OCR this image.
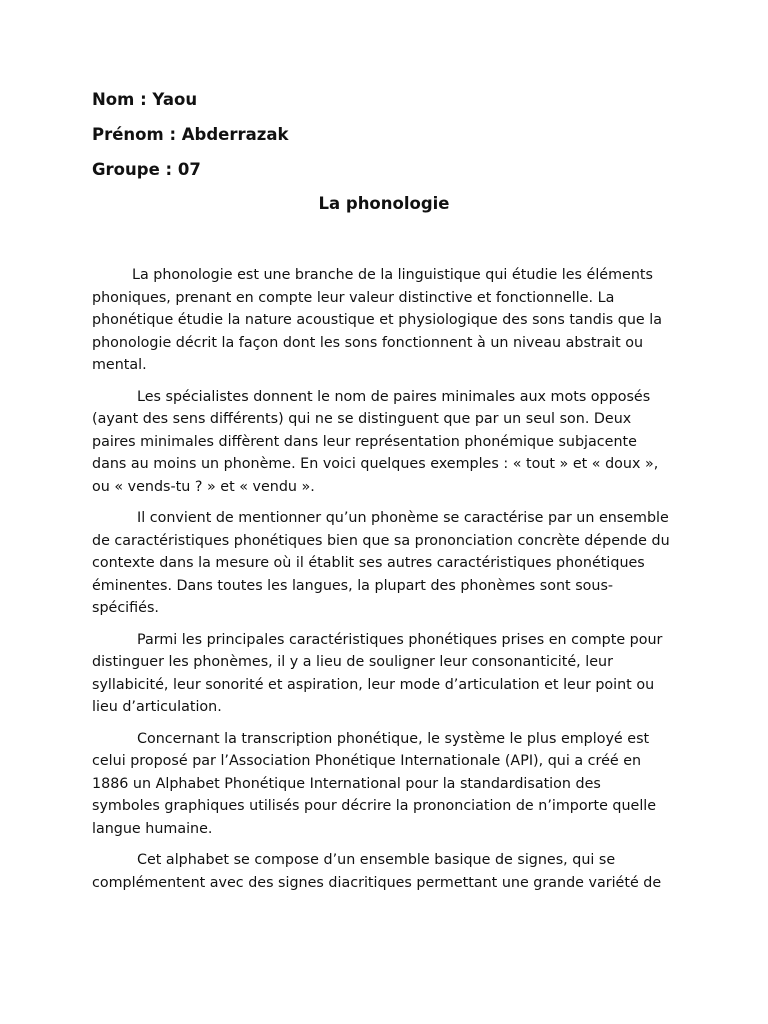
Nom : Yaou
Prénom : Abderrazak
Groupe : 07
La phonologie

La phonologie est une branche de la linguistique qui étudie les éléments phoniques, prenant en compte leur valeur distinctive et fonctionnelle. La phonétique étudie la nature acoustique et physiologique des sons tandis que la phonologie décrit la façon dont les sons fonctionnent à un niveau abstrait ou mental.

Les spécialistes donnent le nom de paires minimales aux mots opposés (ayant des sens différents) qui ne se distinguent que par un seul son. Deux paires minimales diffèrent dans leur représentation phonémique subjacente dans au moins un phonème. En voici quelques exemples : « tout » et « doux », ou « vends-tu ? » et « vendu ».

Il convient de mentionner qu’un phonème se caractérise par un ensemble de caractéristiques phonétiques bien que sa prononciation concrète dépende du contexte dans la mesure où il établit ses autres caractéristiques phonétiques éminentes. Dans toutes les langues, la plupart des phonèmes sont sous-spécifiés.

Parmi les principales caractéristiques phonétiques prises en compte pour distinguer les phonèmes, il y a lieu de souligner leur consonanticité, leur syllabicité, leur sonorité et aspiration, leur mode d’articulation et leur point ou lieu d’articulation.

Concernant la transcription phonétique, le système le plus employé est celui proposé par l’Association Phonétique Internationale (API), qui a créé en 1886 un Alphabet Phonétique International pour la standardisation des symboles graphiques utilisés pour décrire la prononciation de n’importe quelle langue humaine.

Cet alphabet se compose d’un ensemble basique de signes, qui se complémentent avec des signes diacritiques permettant une grande variété de
